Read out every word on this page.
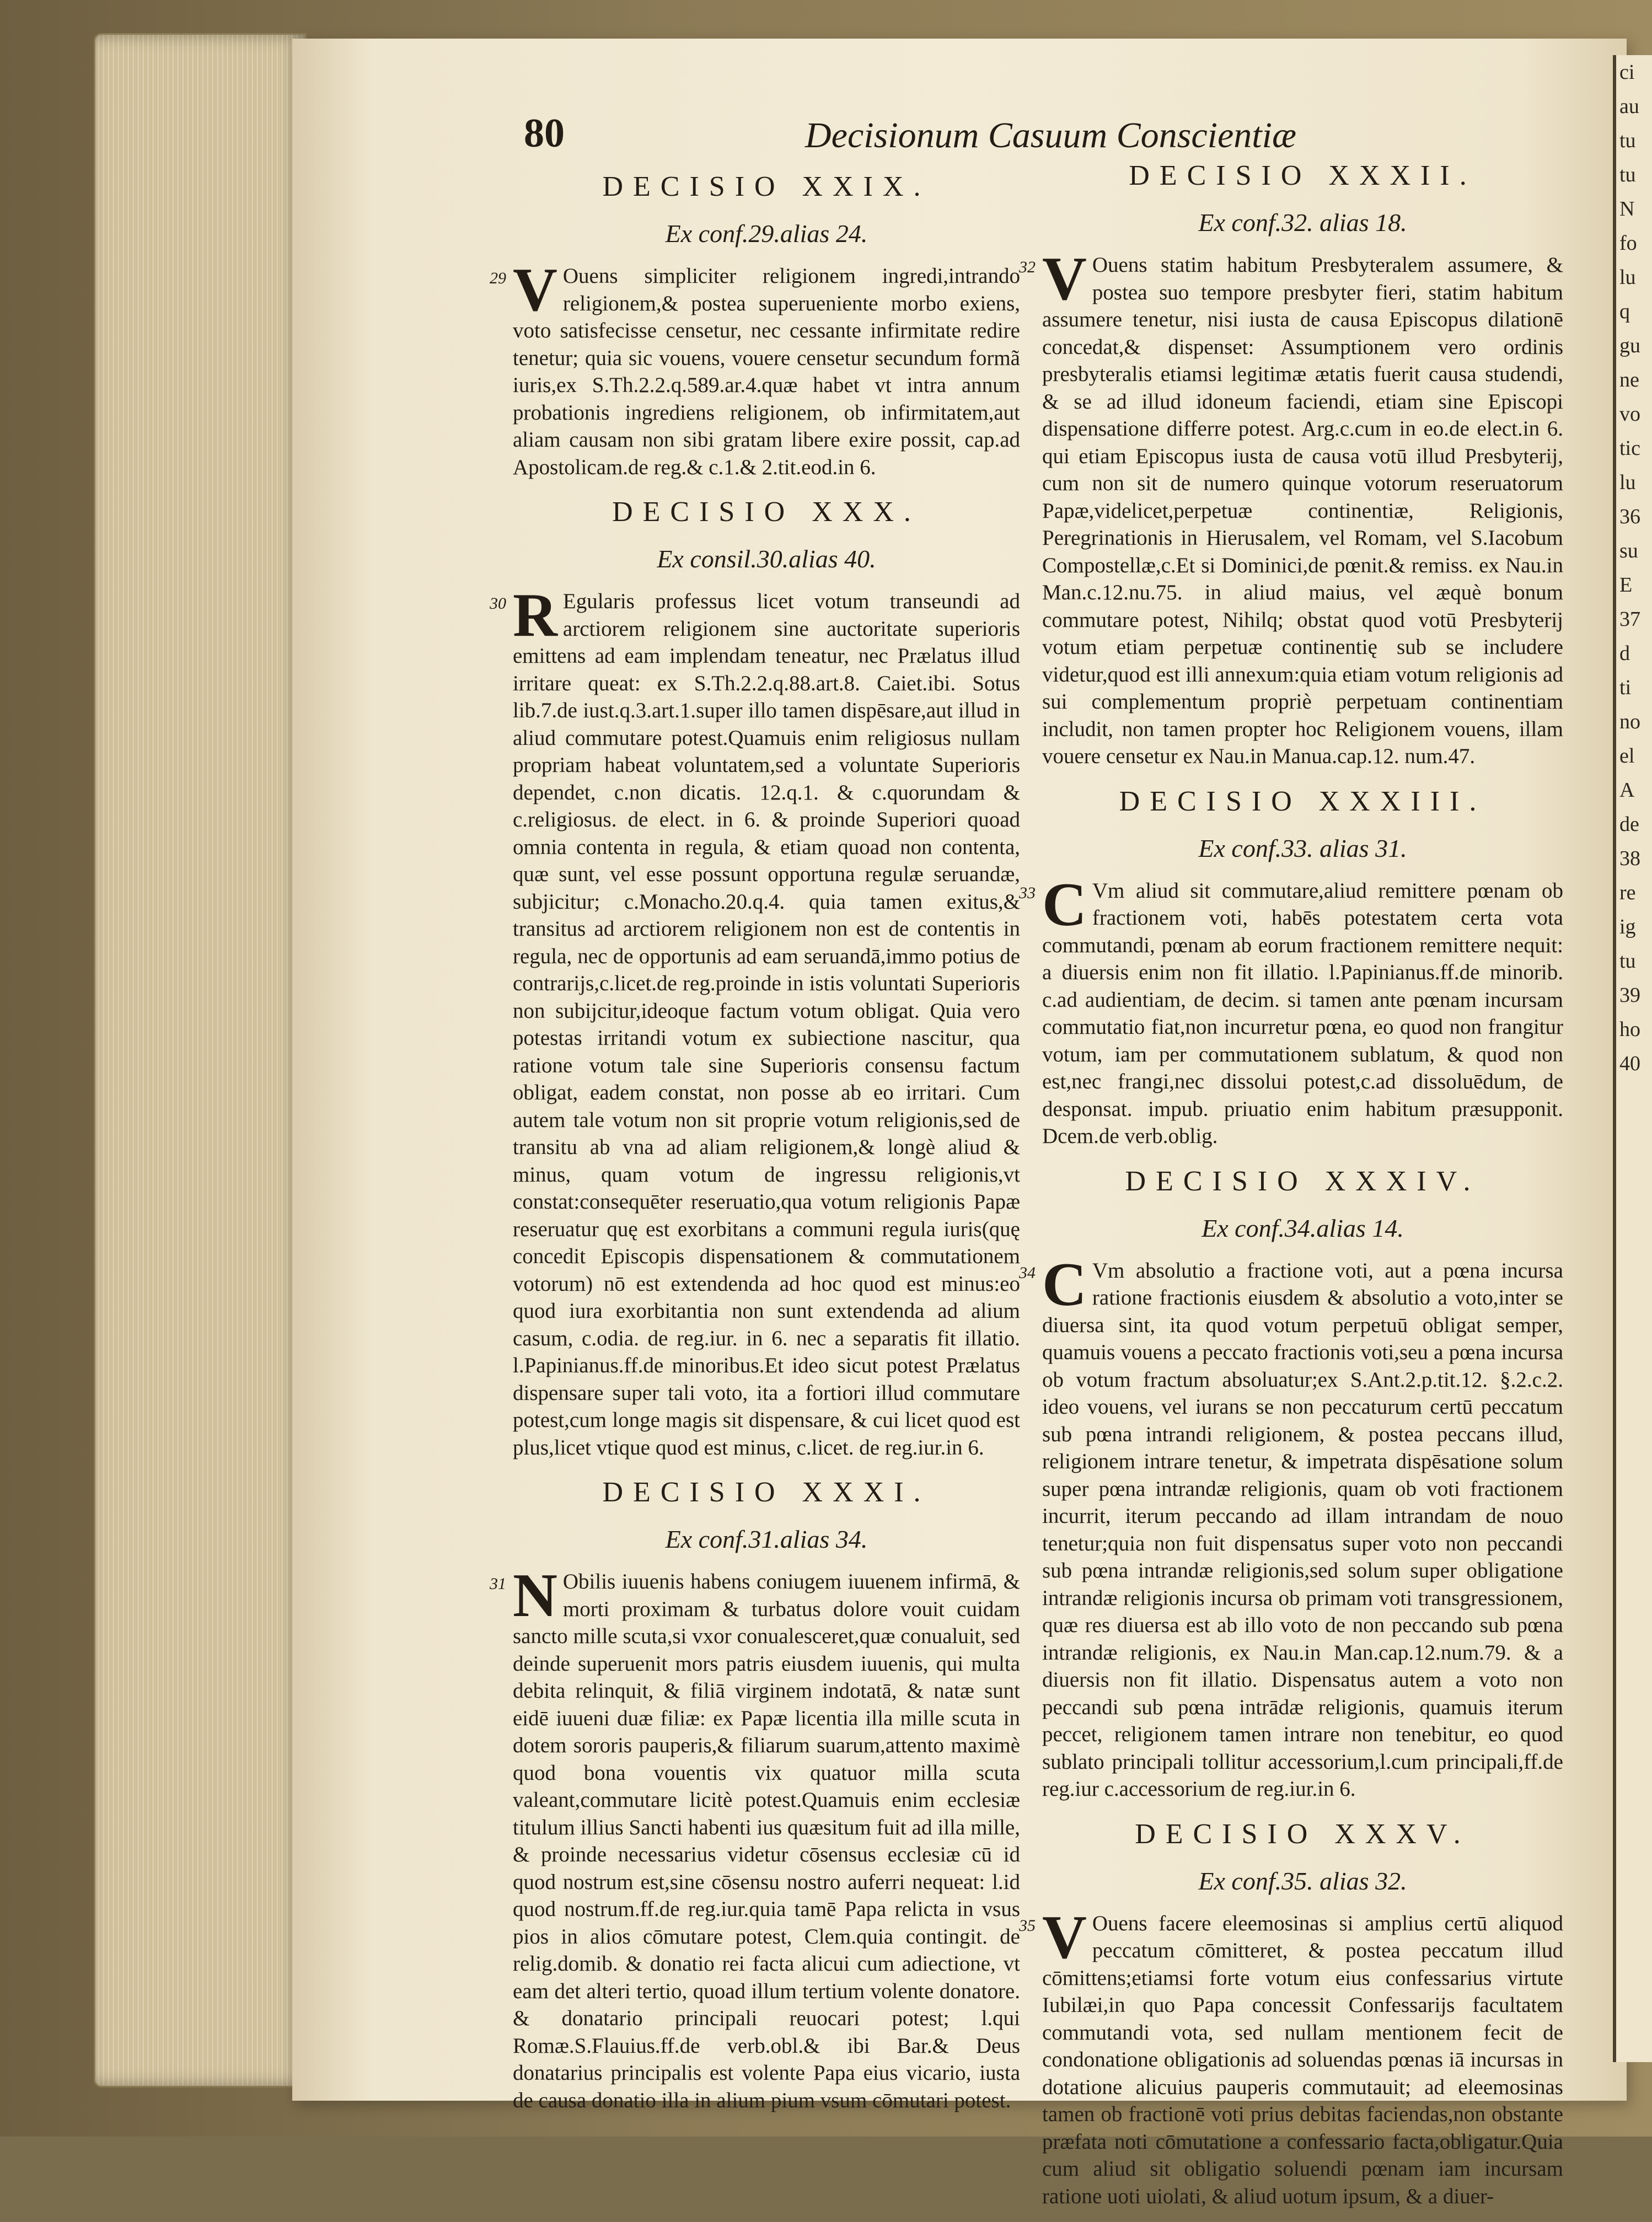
ci
au
tu
tu
N
fo
lu
q
gu
ne
vo
tic
lu
36
su
E
37
d
ti
no
el
A
de
38
re
ig
tu
39
ho
40
80	Decisionum Casuum Conscientiæ
DECISIO XXIX.
Ex conf.29.alias 24.
29 V Ouens simpliciter religionem ingredi,intrando religionem,& postea superueniente morbo exiens, voto satisfecisse censetur, nec cessante infirmitate redire tenetur; quia sic vouens, vouere censetur secundum formã iuris,ex S.Th.2.2.q.589.ar.4.quæ habet vt intra annum probationis ingrediens religionem, ob infirmitatem,aut aliam causam non sibi gratam libere exire possit, cap.ad Apostolicam.de reg.& c.1.& 2.tit.eod.in 6.
DECISIO XXX.
Ex consil.30.alias 40.
30 R Egularis professus licet votum transeundi ad arctiorem religionem sine auctoritate superioris emittens ad eam implendam teneatur, nec Prælatus illud irritare queat: ex S.Th.2.2.q.88.art.8. Caiet.ibi. Sotus lib.7.de iust.q.3.art.1.super illo tamen dispēsare,aut illud in aliud commutare potest.Quamuis enim religiosus nullam propriam habeat voluntatem,sed a voluntate Superioris dependet, c.non dicatis. 12.q.1. & c.quorundam & c.religiosus. de elect. in 6. & proinde Superiori quoad omnia contenta in regula, & etiam quoad non contenta, quæ sunt, vel esse possunt opportuna regulæ seruandæ, subjicitur; c.Monacho.20.q.4. quia tamen exitus,& transitus ad arctiorem religionem non est de contentis in regula, nec de opportunis ad eam seruandā,immo potius de contrarijs,c.licet.de reg.proinde in istis voluntati Superioris non subijcitur,ideoque factum votum obligat. Quia vero potestas irritandi votum ex subiectione nascitur, qua ratione votum tale sine Superioris consensu factum obligat, eadem constat, non posse ab eo irritari. Cum autem tale votum non sit proprie votum religionis,sed de transitu ab vna ad aliam religionem,& longè aliud & minus, quam votum de ingressu religionis,vt constat:consequēter reseruatio,qua votum religionis Papæ reseruatur quę est exorbitans a communi regula iuris(quę concedit Episcopis dispensationem & commutationem votorum) nō est extendenda ad hoc quod est minus:eo quod iura exorbitantia non sunt extendenda ad alium casum, c.odia. de reg.iur. in 6. nec a separatis fit illatio. l.Papinianus.ff.de minoribus.Et ideo sicut potest Prælatus dispensare super tali voto, ita a fortiori illud commutare potest,cum longe magis sit dispensare, & cui licet quod est plus,licet vtique quod est minus, c.licet. de reg.iur.in 6.
DECISIO XXXI.
Ex conf.31.alias 34.
31 N Obilis iuuenis habens coniugem iuuenem infirmā, & morti proximam & turbatus dolore vouit cuidam sancto mille scuta,si vxor conualesceret,quæ conualuit, sed deinde superuenit mors patris eiusdem iuuenis, qui multa debita relinquit, & filiā virginem indotatā, & natæ sunt eidē iuueni duæ filiæ: ex Papæ licentia illa mille scuta in dotem sororis pauperis,& filiarum suarum,attento maximè quod bona vouentis vix quatuor milla scuta valeant,commutare licitè potest.Quamuis enim ecclesiæ titulum illius Sancti habenti ius quæsitum fuit ad illa mille, & proinde necessarius videtur cōsensus ecclesiæ cū id quod nostrum est,sine cōsensu nostro auferri nequeat: l.id quod nostrum.ff.de reg.iur.quia tamē Papa relicta in vsus pios in alios cōmutare potest, Clem.quia contingit. de relig.domib. & donatio rei facta alicui cum adiectione, vt eam det alteri tertio, quoad illum tertium volente donatore. & donatario principali reuocari potest; l.qui Romæ.S.Flauius.ff.de verb.obl.& ibi Bar.& Deus donatarius principalis est volente Papa eius vicario, iusta de causa donatio illa in alium pium vsum cōmutari potest.
DECISIO XXXII.
Ex conf.32. alias 18.
32 V Ouens statim habitum Presbyteralem assumere, & postea suo tempore presbyter fieri, statim habitum assumere tenetur, nisi iusta de causa Episcopus dilationē concedat,& dispenset: Assumptionem vero ordinis presbyteralis etiamsi legitimæ ætatis fuerit causa studendi, & se ad illud idoneum faciendi, etiam sine Episcopi dispensatione differre potest. Arg.c.cum in eo.de elect.in 6. qui etiam Episcopus iusta de causa votū illud Presbyterij, cum non sit de numero quinque votorum reseruatorum Papæ,videlicet,perpetuæ continentiæ, Religionis, Peregrinationis in Hierusalem, vel Romam, vel S.Iacobum Compostellæ,c.Et si Dominici,de pœnit.& remiss. ex Nau.in Man.c.12.nu.75. in aliud maius, vel æquè bonum commutare potest, Nihilq; obstat quod votū Presbyterij votum etiam perpetuæ continentię sub se includere videtur,quod est illi annexum:quia etiam votum religionis ad sui complementum propriè perpetuam continentiam includit, non tamen propter hoc Religionem vouens, illam vouere censetur ex Nau.in Manua.cap.12. num.47.
DECISIO XXXIII.
Ex conf.33. alias 31.
33 C Vm aliud sit commutare,aliud remittere pœnam ob fractionem voti, habēs potestatem certa vota commutandi, pœnam ab eorum fractionem remittere nequit: a diuersis enim non fit illatio. l.Papinianus.ff.de minorib. c.ad audientiam, de decim. si tamen ante pœnam incursam commutatio fiat,non incurretur pœna, eo quod non frangitur votum, iam per commutationem sublatum, & quod non est,nec frangi,nec dissolui potest,c.ad dissoluēdum, de desponsat. impub. priuatio enim habitum præsupponit. Dcem.de verb.oblig.
DECISIO XXXIV.
Ex conf.34.alias 14.
34 C Vm absolutio a fractione voti, aut a pœna incursa ratione fractionis eiusdem & absolutio a voto,inter se diuersa sint, ita quod votum perpetuū obligat semper, quamuis vouens a peccato fractionis voti,seu a pœna incursa ob votum fractum absoluatur;ex S.Ant.2.p.tit.12. §.2.c.2. ideo vouens, vel iurans se non peccaturum certū peccatum sub pœna intrandi religionem, & postea peccans illud, religionem intrare tenetur, & impetrata dispēsatione solum super pœna intrandæ religionis, quam ob voti fractionem incurrit, iterum peccando ad illam intrandam de nouo tenetur;quia non fuit dispensatus super voto non peccandi sub pœna intrandæ religionis,sed solum super obligatione intrandæ religionis incursa ob primam voti transgressionem, quæ res diuersa est ab illo voto de non peccando sub pœna intrandæ religionis, ex Nau.in Man.cap.12.num.79. & a diuersis non fit illatio. Dispensatus autem a voto non peccandi sub pœna intrādæ religionis, quamuis iterum peccet, religionem tamen intrare non tenebitur, eo quod sublato principali tollitur accessorium,l.cum principali,ff.de reg.iur c.accessorium de reg.iur.in 6.
DECISIO XXXV.
Ex conf.35. alias 32.
35 V Ouens facere eleemosinas si amplius certū aliquod peccatum cōmitteret, & postea peccatum illud cōmittens;etiamsi forte votum eius confessarius virtute Iubilæi,in quo Papa concessit Confessarijs facultatem commutandi vota, sed nullam mentionem fecit de condonatione obligationis ad soluendas pœnas iā incursas in dotatione alicuius pauperis commutauit; ad eleemosinas tamen ob fractionē voti prius debitas faciendas,non obstante præfata noti cōmutatione a confessario facta,obligatur.Quia cum aliud sit obligatio soluendi pœnam iam incursam ratione uoti uiolati, & aliud uotum ipsum, & a diuer-
